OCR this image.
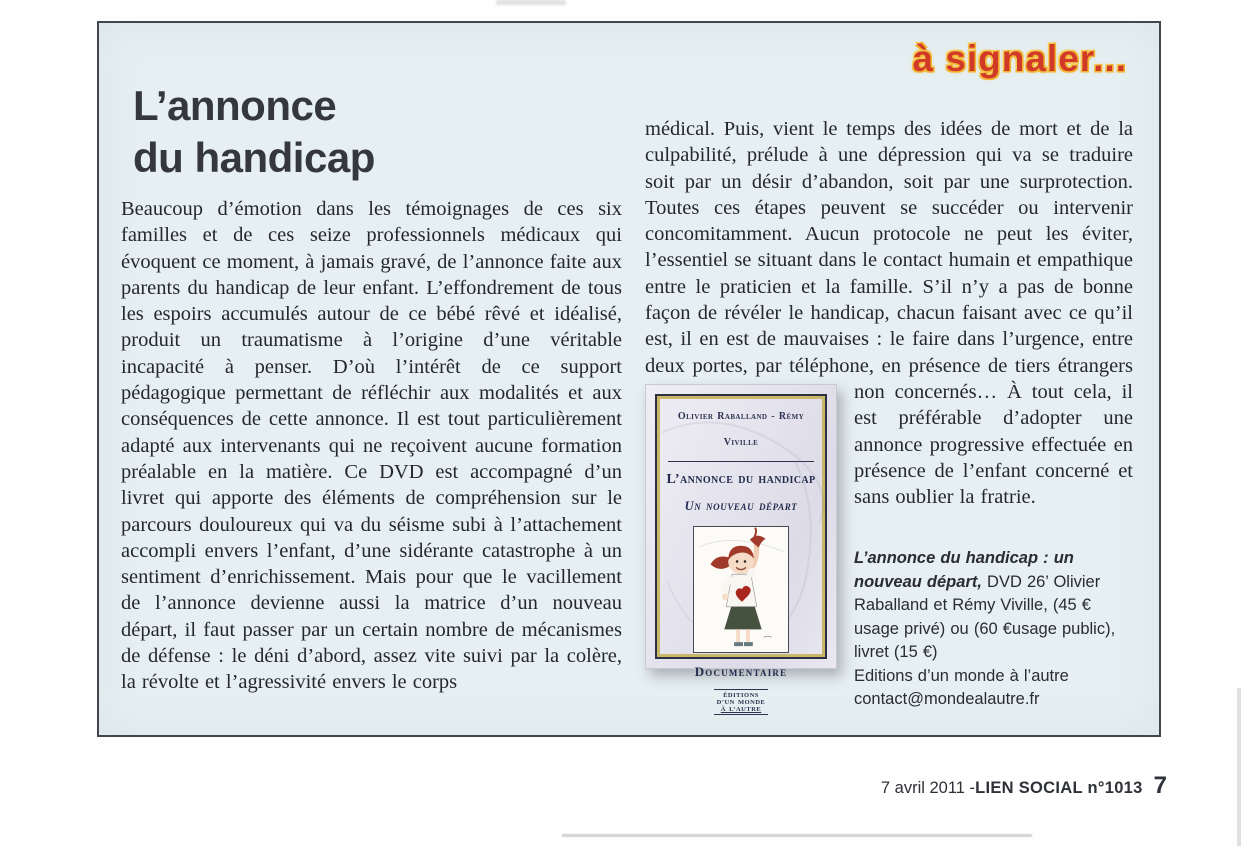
à signaler...
L’annonce
du handicap
Beaucoup d’émotion dans les témoignages de ces six familles et de ces seize professionnels médicaux qui évoquent ce moment, à jamais gravé, de l’annonce faite aux parents du handicap de leur enfant. L’effondrement de tous les espoirs accumulés autour de ce bébé rêvé et idéalisé, produit un traumatisme à l’origine d’une véritable incapacité à penser. D’où l’intérêt de ce support pédagogique permettant de réfléchir aux modalités et aux conséquences de cette annonce. Il est tout particulièrement adapté aux intervenants qui ne reçoivent aucune formation préalable en la matière. Ce DVD est accompagné d’un livret qui apporte des éléments de compréhension sur le parcours douloureux qui va du séisme subi à l’attachement accompli envers l’enfant, d’une sidérante catastrophe à un sentiment d’enrichissement. Mais pour que le vacillement de l’annonce devienne aussi la matrice d’un nouveau départ, il faut passer par un certain nombre de mécanismes de défense : le déni d’abord, assez vite suivi par la colère, la révolte et l’agressivité envers le corps
médical. Puis, vient le temps des idées de mort et de la culpabilité, prélude à une dépression qui va se traduire soit par un désir d’abandon, soit par une surprotection. Toutes ces étapes peuvent se succéder ou intervenir concomitamment. Aucun protocole ne peut les éviter, l’essentiel se situant dans le contact humain et empathique entre le praticien et la famille. S’il n’y a pas de bonne façon de révéler le handicap, chacun faisant avec ce qu’il est, il en est de mauvaises : le faire dans l’urgence, entre deux portes, par téléphone, en présence de tiers étrangers non concernés… À tout
Olivier Raballand - Rémy Viville
L’annonce du handicap
Un nouveau départ
Documentaire
ÉDITIONS
D’UN MONDE
À L’AUTRE
cela, il est préférable d’adopter une annonce progressive effectuée en présence de l’enfant concerné et sans oublier la fratrie.
L’annonce du handicap : un nouveau départ, DVD 26’ Olivier Raballand et Rémy Viville, (45 € usage privé) ou (60 €usage public), livret (15 €)
Editions d’un monde à l’autre
contact@mondealautre.fr
7 avril 2011 - LIEN SOCIAL n°1013 7
